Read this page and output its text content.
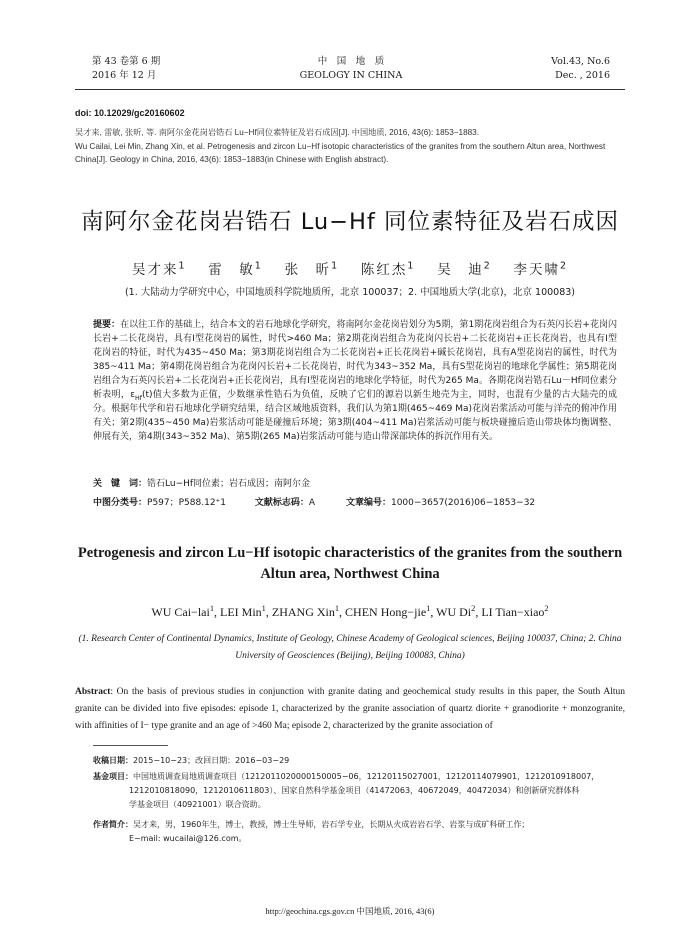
第 43 卷第 6 期
2016 年 12 月
中　国　地　质
GEOLOGY IN CHINA
Vol.43, No.6
Dec. , 2016
doi: 10.12029/gc20160602
吴才来, 雷敏, 张昕, 等. 南阿尔金花岗岩锆石 Lu−Hf同位素特征及岩石成因[J]. 中国地质, 2016, 43(6): 1853−1883.
Wu Cailai, Lei Min, Zhang Xin, et al. Petrogenesis and zircon Lu−Hf isotopic characteristics of the granites from the southern Altun area, Northwest China[J]. Geology in China, 2016, 43(6): 1853−1883(in Chinese with English abstract).
南阿尔金花岗岩锆石 Lu−Hf 同位素特征及岩石成因
吴才来$^1$　 雷　敏$^1$　 张　昕$^1$　 陈红杰$^1$　 吴　迪$^2$　 李天啸$^2$
(1. 大陆动力学研究中心，中国地质科学院地质所，北京 100037；2. 中国地质大学(北京)，北京 100083)
提要：在以往工作的基础上，结合本文的岩石地球化学研究，将南阿尔金花岗岩划分为5期，第1期花岗岩组合为石英闪长岩+花岗闪长岩+二长花岗岩，具有I型花岗岩的属性，时代>460 Ma；第2期花岗岩组合为花岗闪长岩+二长花岗岩+正长花岗岩，也具有I型花岗岩的特征，时代为435~450 Ma；第3期花岗岩组合为二长花岗岩+正长花岗岩+碱长花岗岩，具有A型花岗岩的属性，时代为385~411 Ma；第4期花岗岩组合为花岗闪长岩+二长花岗岩，时代为343~352 Ma，具有S型花岗岩的地球化学属性；第5期花岗岩组合为石英闪长岩+二长花岗岩+正长花岗岩，具有I型花岗岩的地球化学特征，时代为265 Ma。各期花岗岩锆石Lu－Hf同位素分析表明，$\varepsilon_{Hf}(t)$值大多数为正值，少数继承性锆石为负值，反映了它们的源岩以新生地壳为主，同时，也混有少量的古大陆壳的成分。根据年代学和岩石地球化学研究结果，结合区域地质资料，我们认为第1期(465~469 Ma)花岗岩浆活动可能与洋壳的俯冲作用有关；第2期(435~450 Ma)岩浆活动可能是碰撞后环境；第3期(404~411 Ma)岩浆活动可能与板块碰撞后造山带块体均衡调整、伸展有关，第4期(343~352 Ma)、第5期(265 Ma)岩浆活动可能与造山带深部块体的拆沉作用有关。
关　键　词：锆石Lu−Hf同位素；岩石成因；南阿尔金
中图分类号：P597；P588.12⁺1	文献标志码：A	文章编号：1000−3657(2016)06−1853−32
Petrogenesis and zircon Lu−Hf isotopic characteristics of the granites from the southern Altun area, Northwest China
WU Cai−lai$^1$, LEI Min$^1$, ZHANG Xin$^1$, CHEN Hong−jie$^1$, WU Di$^2$, LI Tian−xiao$^2$
(1. Research Center of Continental Dynamics, Institute of Geology, Chinese Academy of Geological sciences, Beijing 100037, China; 2. China University of Geosciences (Beijing), Beijing 100083, China)
Abstract: On the basis of previous studies in conjunction with granite dating and geochemical study results in this paper, the South Altun granite can be divided into five episodes: episode 1, characterized by the granite association of quartz diorite + granodiorite + monzogranite, with affinities of I− type granite and an age of >460 Ma; episode 2, characterized by the granite association of
收稿日期：2015−10−23；改回日期：2016−03−29
基金项目：中国地质调查局地质调查项目（1212011020000150005−06，12120115027001，12120114079901，1212010918007，
1212010818090，1212010611803）、国家自然科学基金项目（41472063，40672049，40472034）和创新研究群体科
学基金项目（40921001）联合资助。
作者简介：吴才来，男，1960年生，博士，教授，博士生导师，岩石学专业，长期从火成岩岩石学、岩浆与成矿科研工作；
E−mail: wucailai@126.com。
http://geochina.cgs.gov.cn 中国地质, 2016, 43(6)
